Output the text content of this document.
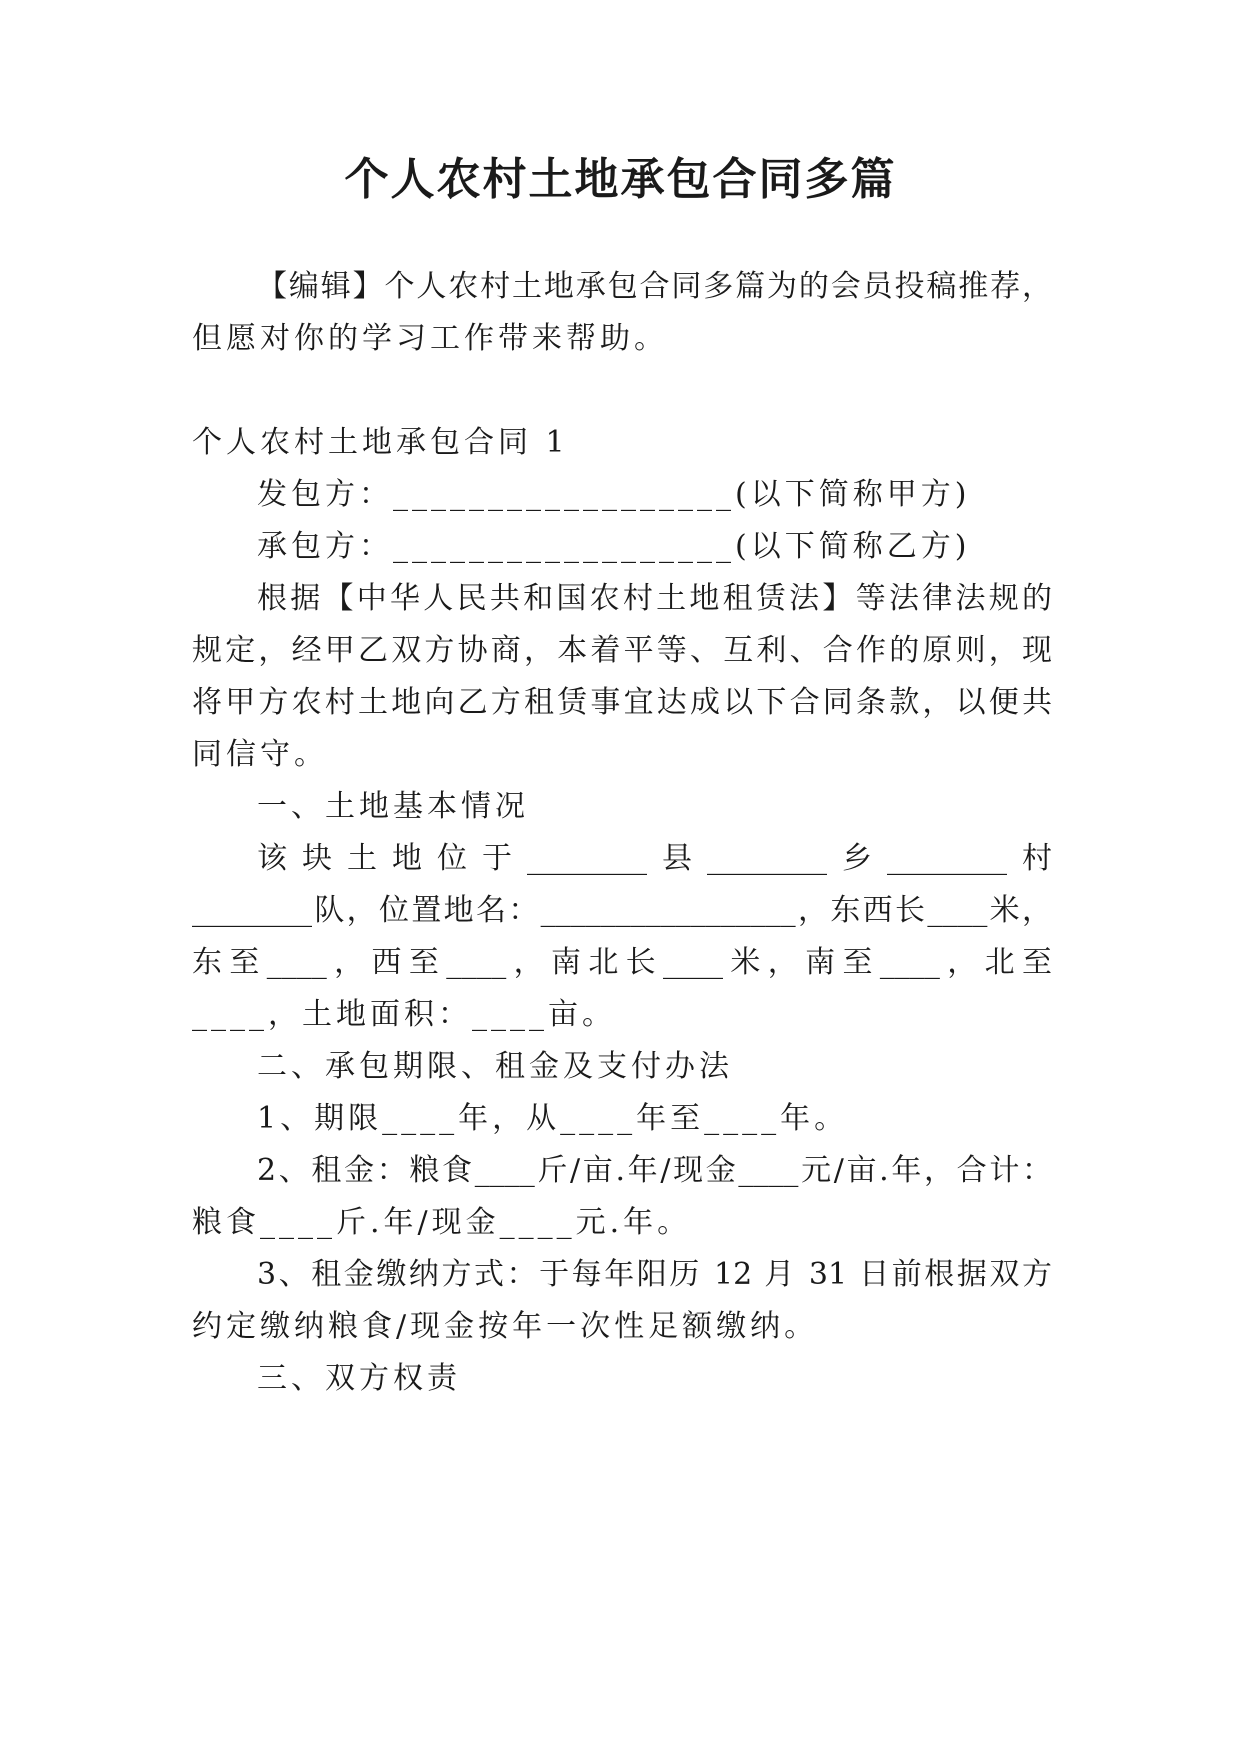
个人农村土地承包合同多篇
【编辑】个人农村土地承包合同多篇为的会员投稿推荐，
但愿对你的学习工作带来帮助。
个人农村土地承包合同 1
发包方：__________________(以下简称甲方)
承包方：__________________(以下简称乙方)
根据【中华人民共和国农村土地租赁法】等法律法规的
规定，经甲乙双方协商，本着平等、互利、合作的原则，现
将甲方农村土地向乙方租赁事宜达成以下合同条款，以便共
同信守。
一、土地基本情况
该块土地位于________县________乡________村
________队，位置地名：_________________，东西长____米，
东至____，西至____，南北长____米，南至____，北至
____，土地面积：____亩。
二、承包期限、租金及支付办法
1、期限____年，从____年至____年。
2、租金：粮食____斤/亩.年/现金____元/亩.年，合计：
粮食____斤.年/现金____元.年。
3、租金缴纳方式：于每年阳历 12 月 31 日前根据双方
约定缴纳粮食/现金按年一次性足额缴纳。
三、双方权责
